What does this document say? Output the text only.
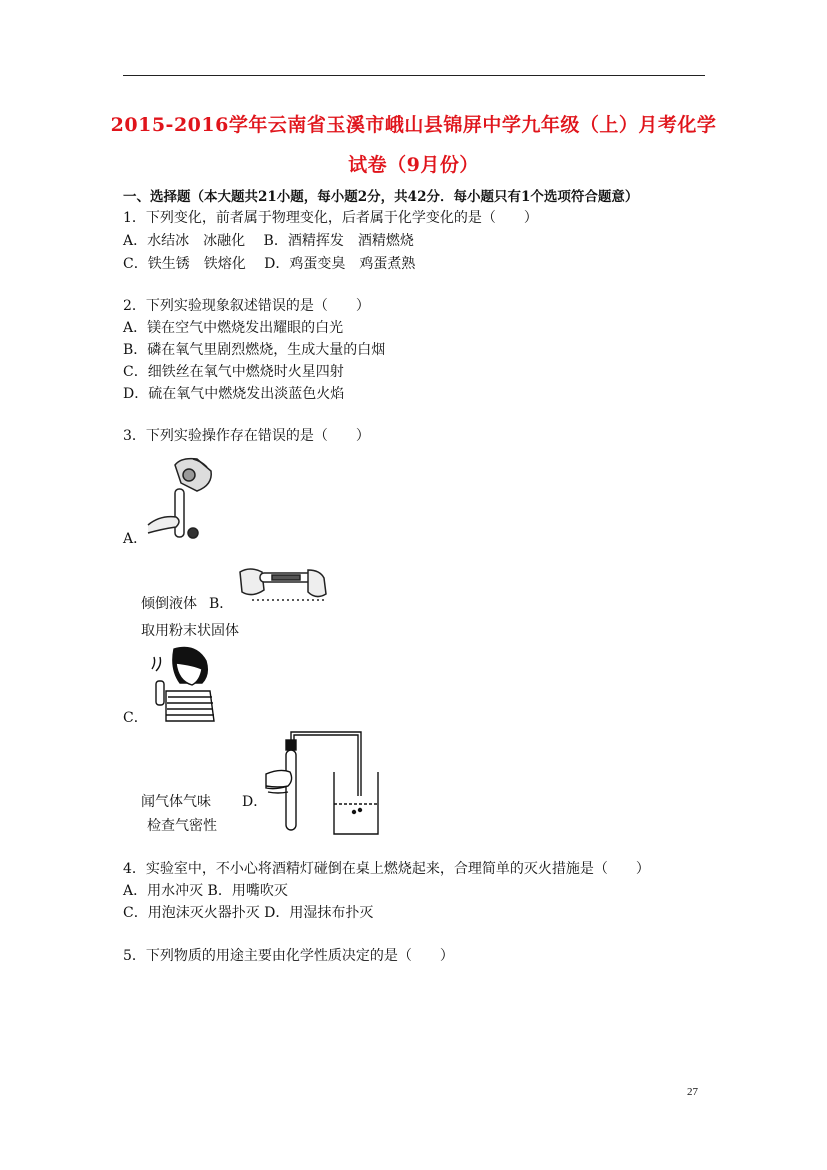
2015-2016学年云南省玉溪市峨山县锦屏中学九年级（上）月考化学
试卷（9月份）
一、选择题（本大题共21小题，每小题2分，共42分．每小题只有1个选项符合题意）
1．下列变化，前者属于物理变化，后者属于化学变化的是（　　）
A．水结冰　冰融化　 B．酒精挥发　酒精燃烧
C．铁生锈　铁熔化　 D．鸡蛋变臭　鸡蛋煮熟
2．下列实验现象叙述错误的是（　　）
A．镁在空气中燃烧发出耀眼的白光
B．磷在氧气里剧烈燃烧，生成大量的白烟
C．细铁丝在氧气中燃烧时火星四射
D．硫在氧气中燃烧发出淡蓝色火焰
3．下列实验操作存在错误的是（　　）
A．
倾倒液体 B．
取用粉末状固体
C．
闻气体气味 D．
检查气密性
4．实验室中，不小心将酒精灯碰倒在桌上燃烧起来，合理简单的灭火措施是（　　）
A．用水冲灭 B．用嘴吹灭
C．用泡沫灭火器扑灭 D．用湿抹布扑灭
5．下列物质的用途主要由化学性质决定的是（　　）
27
